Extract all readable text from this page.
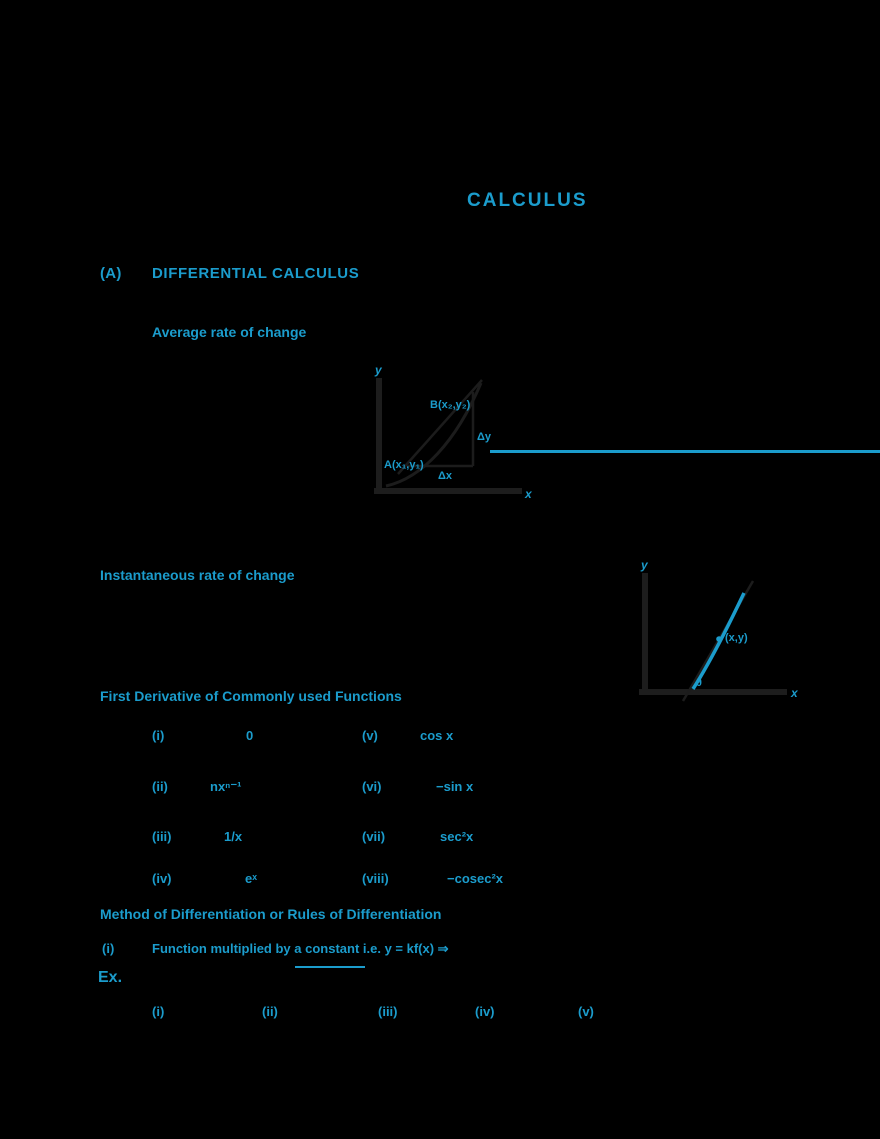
CALCULUS
(A) DIFFERENTIAL CALCULUS
Average rate of change
y
x
B(x₂,y₂)
A(x₁,y₁)
Δy
Δx
Instantaneous rate of change
y
x
(x,y)
θ
First Derivative of Commonly used Functions
(i)	0	(v)	cos x
(ii)	nxⁿ⁻¹	(vi)	−sin x
(iii)	1/x	(vii)	sec²x
(iv)	eˣ	(viii)	−cosec²x
Method of Differentiation or Rules of Differentiation
(i)	Function multiplied by a constant i.e. y = kf(x) ⇒
Ex.
(i)	(ii)	(iii)	(iv)	(v)
